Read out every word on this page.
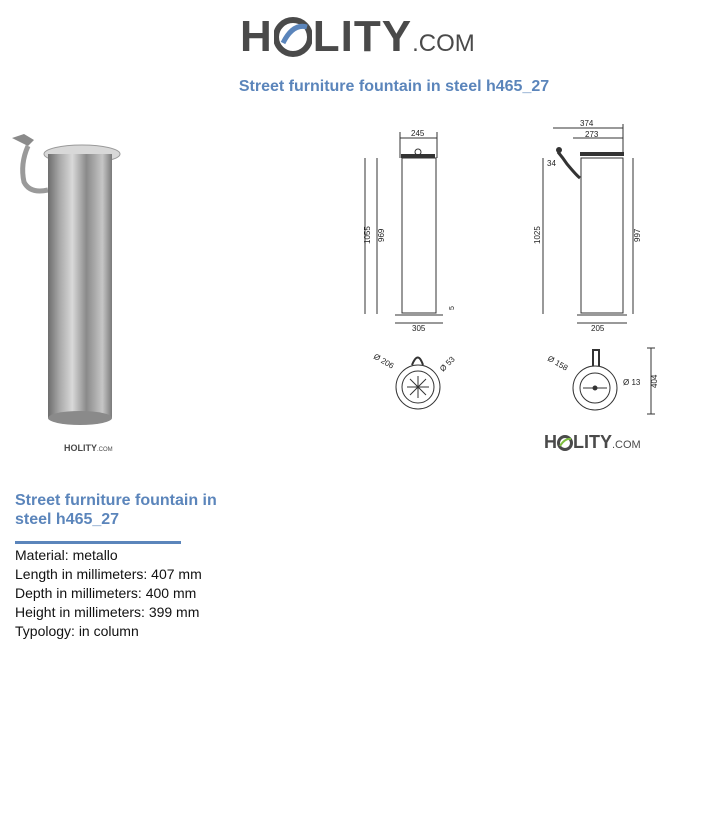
H LITY.COM
Street furniture fountain in steel h465_27
HOLITY.COM
245
1055 969
305
5
374
273
34
1025	997
205
Ø 206	Ø 53
404
Ø 158
Ø 13
H LITY.COM
Street furniture fountain in steel h465_27
Material: metallo
Length in millimeters: 407 mm
Depth in millimeters: 400 mm
Height in millimeters: 399 mm
Typology: in column
